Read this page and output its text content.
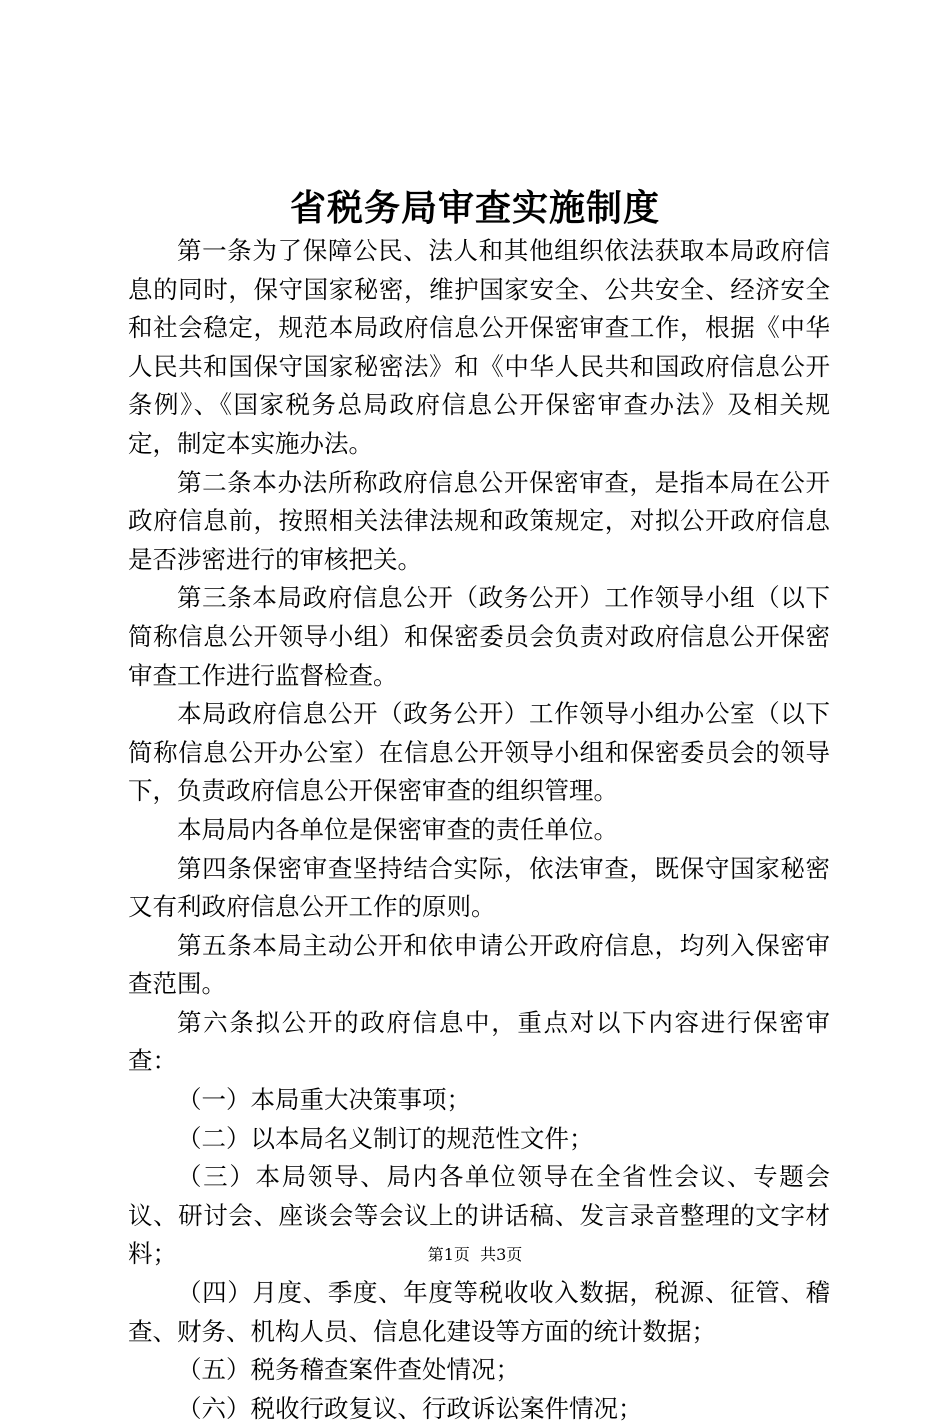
省税务局审查实施制度

第一条为了保障公民、法人和其他组织依法获取本局政府信息的同时，保守国家秘密，维护国家安全、公共安全、经济安全和社会稳定，规范本局政府信息公开保密审查工作，根据《中华人民共和国保守国家秘密法》和《中华人民共和国政府信息公开条例》、《国家税务总局政府信息公开保密审查办法》及相关规定，制定本实施办法。

第二条本办法所称政府信息公开保密审查，是指本局在公开政府信息前，按照相关法律法规和政策规定，对拟公开政府信息是否涉密进行的审核把关。

第三条本局政府信息公开（政务公开）工作领导小组（以下简称信息公开领导小组）和保密委员会负责对政府信息公开保密审查工作进行监督检查。

本局政府信息公开（政务公开）工作领导小组办公室（以下简称信息公开办公室）在信息公开领导小组和保密委员会的领导下，负责政府信息公开保密审查的组织管理。

本局局内各单位是保密审查的责任单位。

第四条保密审查坚持结合实际，依法审查，既保守国家秘密又有利政府信息公开工作的原则。

第五条本局主动公开和依申请公开政府信息，均列入保密审查范围。

第六条拟公开的政府信息中，重点对以下内容进行保密审查：

（一）本局重大决策事项；

（二）以本局名义制订的规范性文件；

（三）本局领导、局内各单位领导在全省性会议、专题会议、研讨会、座谈会等会议上的讲话稿、发言录音整理的文字材料；

（四）月度、季度、年度等税收收入数据，税源、征管、稽查、财务、机构人员、信息化建设等方面的统计数据；

（五）税务稽查案件查处情况；

（六）税收行政复议、行政诉讼案件情况；

第1页  共3页
